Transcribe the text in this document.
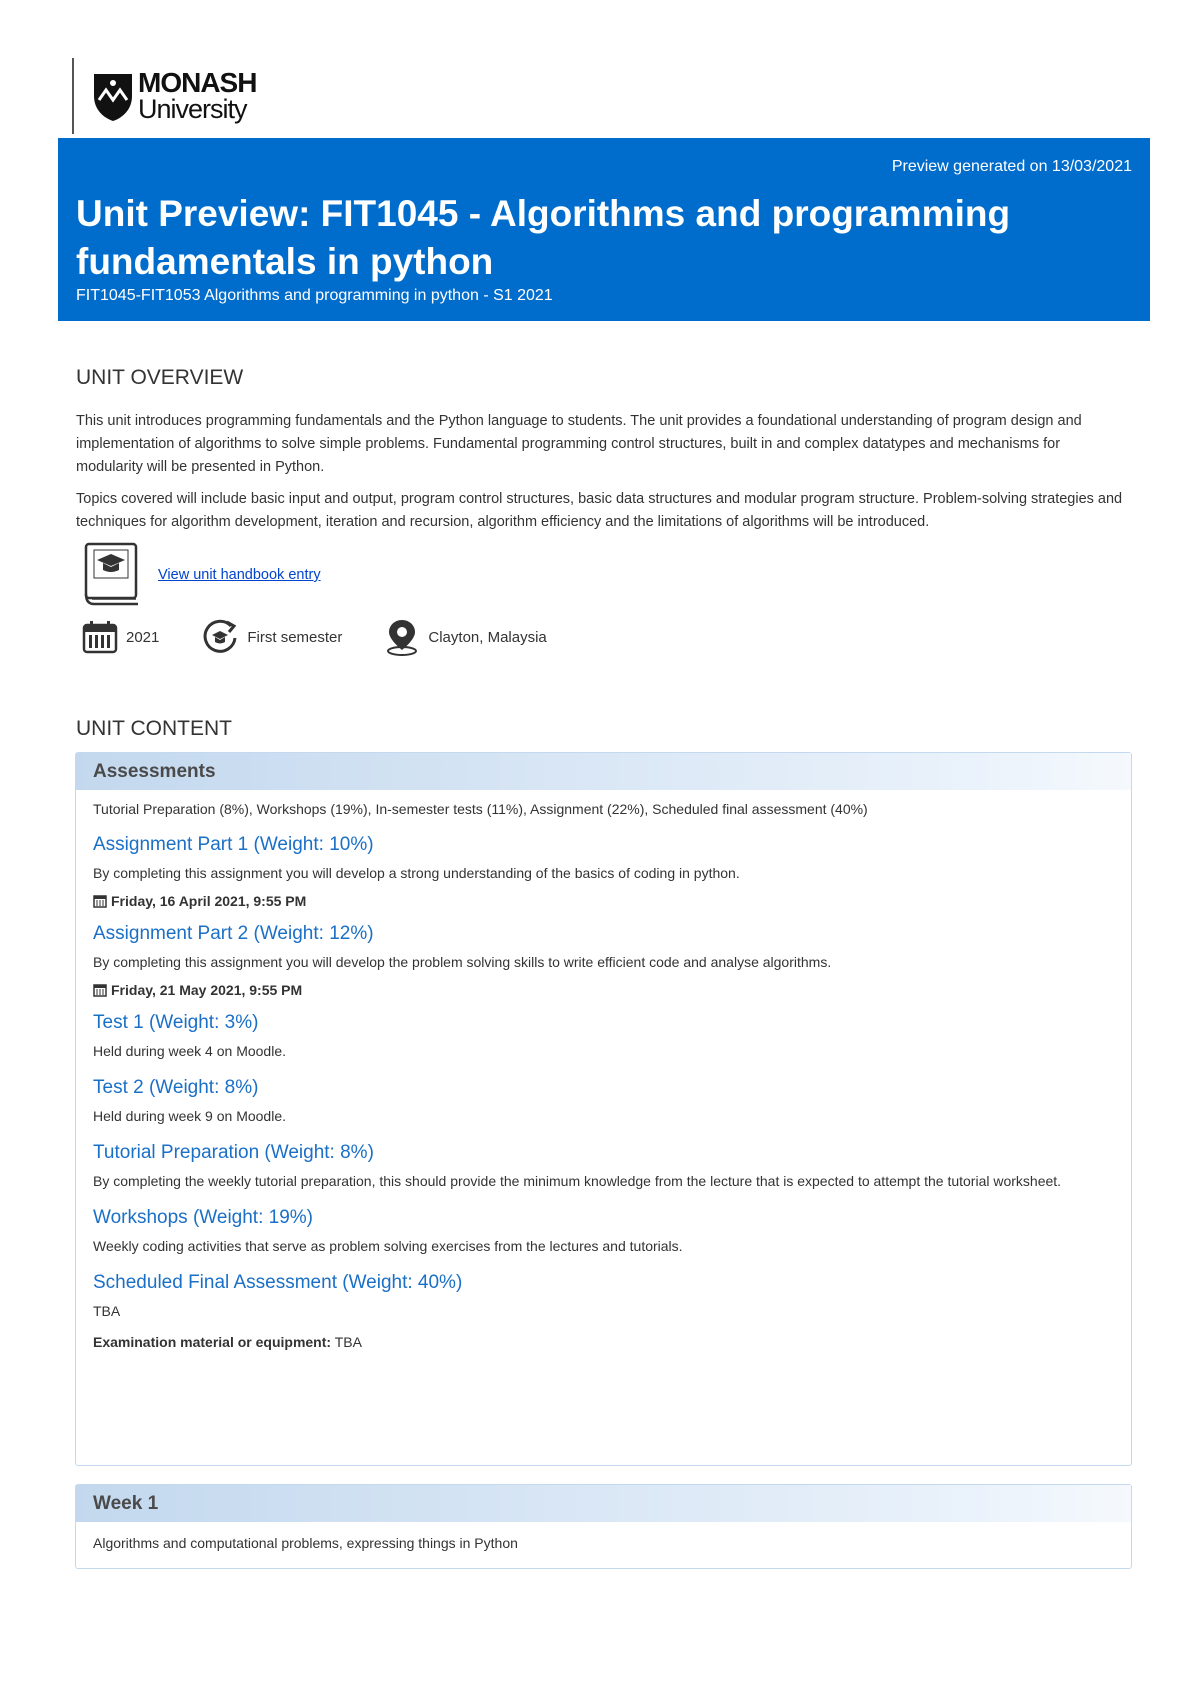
MONASH
University
Preview generated on 13/03/2021
Unit Preview: FIT1045 - Algorithms and programming fundamentals in python
FIT1045-FIT1053 Algorithms and programming in python - S1 2021
UNIT OVERVIEW

This unit introduces programming fundamentals and the Python language to students. The unit provides a foundational understanding of program design and implementation of algorithms to solve simple problems. Fundamental programming control structures, built in and complex datatypes and mechanisms for modularity will be presented in Python.

Topics covered will include basic input and output, program control structures, basic data structures and modular program structure. Problem-solving strategies and techniques for algorithm development, iteration and recursion, algorithm efficiency and the limitations of algorithms will be introduced.

View unit handbook entry
2021	First semester	Clayton, Malaysia
UNIT CONTENT
Assessments

Tutorial Preparation (8%), Workshops (19%), In-semester tests (11%), Assignment (22%), Scheduled final assessment (40%)

Assignment Part 1 (Weight: 10%)

By completing this assignment you will develop a strong understanding of the basics of coding in python.

Friday, 16 April 2021, 9:55 PM
Assignment Part 2 (Weight: 12%)

By completing this assignment you will develop the problem solving skills to write efficient code and analyse algorithms.

Friday, 21 May 2021, 9:55 PM
Test 1 (Weight: 3%)

Held during week 4 on Moodle.

Test 2 (Weight: 8%)

Held during week 9 on Moodle.

Tutorial Preparation (Weight: 8%)

By completing the weekly tutorial preparation, this should provide the minimum knowledge from the lecture that is expected to attempt the tutorial worksheet.

Workshops (Weight: 19%)

Weekly coding activities that serve as problem solving exercises from the lectures and tutorials.

Scheduled Final Assessment (Weight: 40%)

TBA

Examination material or equipment: TBA

Week 1

Algorithms and computational problems, expressing things in Python
